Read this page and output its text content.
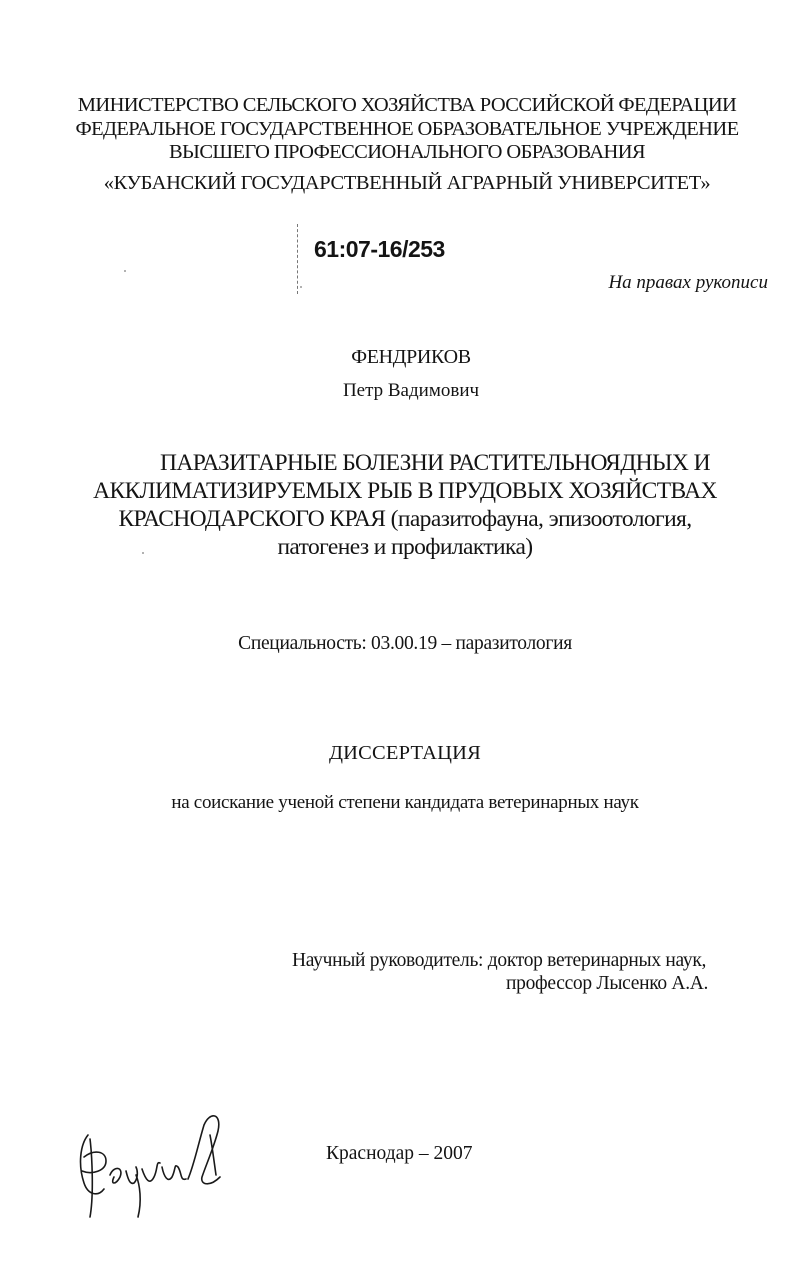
МИНИСТЕРСТВО СЕЛЬСКОГО ХОЗЯЙСТВА РОССИЙСКОЙ ФЕДЕРАЦИИ
ФЕДЕРАЛЬНОЕ ГОСУДАРСТВЕННОЕ ОБРАЗОВАТЕЛЬНОЕ УЧРЕЖДЕНИЕ
ВЫСШЕГО ПРОФЕССИОНАЛЬНОГО ОБРАЗОВАНИЯ
«КУБАНСКИЙ ГОСУДАРСТВЕННЫЙ АГРАРНЫЙ УНИВЕРСИТЕТ»
61:07-16/253
На правах рукописи
ФЕНДРИКОВ
Петр Вадимович
ПАРАЗИТАРНЫЕ БОЛЕЗНИ РАСТИТЕЛЬНОЯДНЫХ И
АККЛИМАТИЗИРУЕМЫХ РЫБ В ПРУДОВЫХ ХОЗЯЙСТВАХ
КРАСНОДАРСКОГО КРАЯ (паразитофауна, эпизоотология,
патогенез и профилактика)
Специальность: 03.00.19 – паразитология
ДИССЕРТАЦИЯ
на соискание ученой степени кандидата ветеринарных наук
Научный руководитель: доктор ветеринарных наук,
профессор Лысенко А.А.
Краснодар – 2007
